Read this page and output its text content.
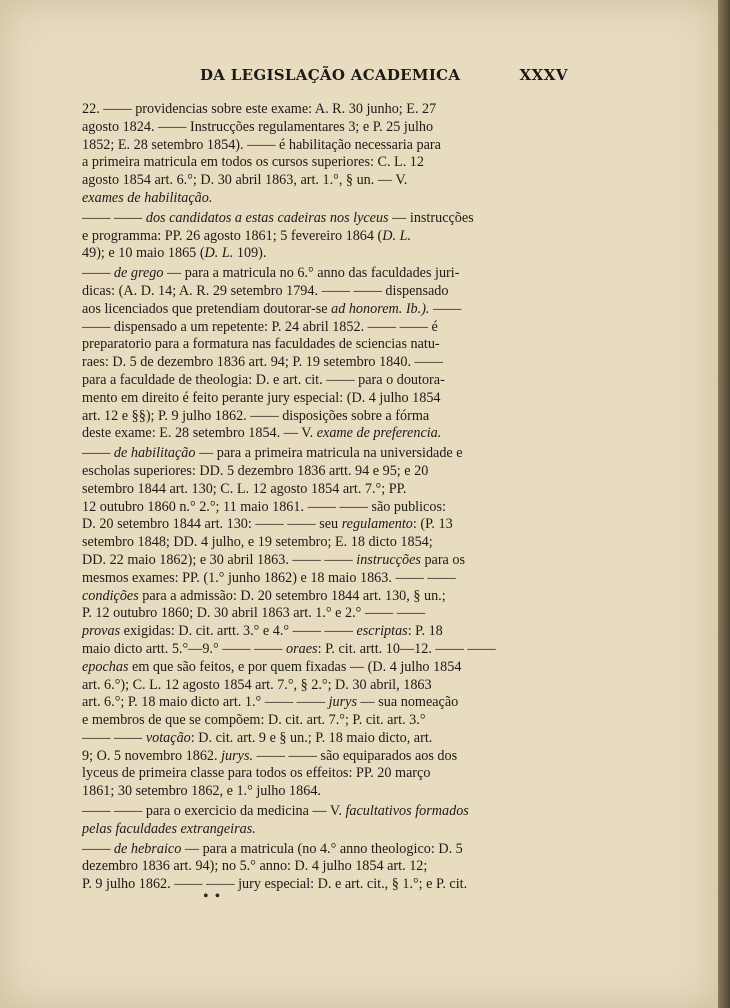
DA LEGISLAÇÃO ACADEMICA	XXXV
22. —— providencias sobre este exame: A. R. 30 junho; E. 27
agosto 1824. —— Instrucções regulamentares 3; e P. 25 julho
1852; E. 28 setembro 1854). —— é habilitação necessaria para
a primeira matricula em todos os cursos superiores: C. L. 12
agosto 1854 art. 6.°; D. 30 abril 1863, art. 1.°, § un. — V.
exames de habilitação.
—— —— dos candidatos a estas cadeiras nos lyceus — instrucções
e programma: PP. 26 agosto 1861; 5 fevereiro 1864 (D. L.
49); e 10 maio 1865 (D. L. 109).
—— de grego — para a matricula no 6.° anno das faculdades juri-
dicas: (A. D. 14; A. R. 29 setembro 1794. —— —— dispensado
aos licenciados que pretendiam doutorar-se ad honorem. Ib.). ——
—— dispensado a um repetente: P. 24 abril 1852. —— —— é
preparatorio para a formatura nas faculdades de sciencias natu-
raes: D. 5 de dezembro 1836 art. 94; P. 19 setembro 1840. ——
para a faculdade de theologia: D. e art. cit. —— para o doutora-
mento em direito é feito perante jury especial: (D. 4 julho 1854
art. 12 e §§); P. 9 julho 1862. —— disposições sobre a fórma
deste exame: E. 28 setembro 1854. — V. exame de preferencia.
—— de habilitação — para a primeira matricula na universidade e
escholas superiores: DD. 5 dezembro 1836 artt. 94 e 95; e 20
setembro 1844 art. 130; C. L. 12 agosto 1854 art. 7.°; PP.
12 outubro 1860 n.° 2.°; 11 maio 1861. —— —— são publicos:
D. 20 setembro 1844 art. 130: —— —— seu regulamento: (P. 13
setembro 1848; DD. 4 julho, e 19 setembro; E. 18 dicto 1854;
DD. 22 maio 1862); e 30 abril 1863. —— —— instrucções para os
mesmos exames: PP. (1.° junho 1862) e 18 maio 1863. —— ——
condições para a admissão: D. 20 setembro 1844 art. 130, § un.;
P. 12 outubro 1860; D. 30 abril 1863 art. 1.° e 2.° —— ——
provas exigidas: D. cit. artt. 3.° e 4.° —— —— escriptas: P. 18
maio dicto artt. 5.°—9.° —— —— oraes: P. cit. artt. 10—12. —— ——
epochas em que são feitos, e por quem fixadas — (D. 4 julho 1854
art. 6.°); C. L. 12 agosto 1854 art. 7.°, § 2.°; D. 30 abril, 1863
art. 6.°; P. 18 maio dicto art. 1.° —— —— jurys — sua nomeação
e membros de que se compõem: D. cit. art. 7.°; P. cit. art. 3.°
—— —— votação: D. cit. art. 9 e § un.; P. 18 maio dicto, art.
9; O. 5 novembro 1862. jurys. —— —— são equiparados aos dos
lyceus de primeira classe para todos os effeitos: PP. 20 março
1861; 30 setembro 1862, e 1.° julho 1864.
—— —— para o exercicio da medicina — V. facultativos formados
pelas faculdades extrangeiras.
—— de hebraico — para a matricula (no 4.° anno theologico: D. 5
dezembro 1836 art. 94); no 5.° anno: D. 4 julho 1854 art. 12;
P. 9 julho 1862. —— —— jury especial: D. e art. cit., § 1.°; e P. cit.
• •
